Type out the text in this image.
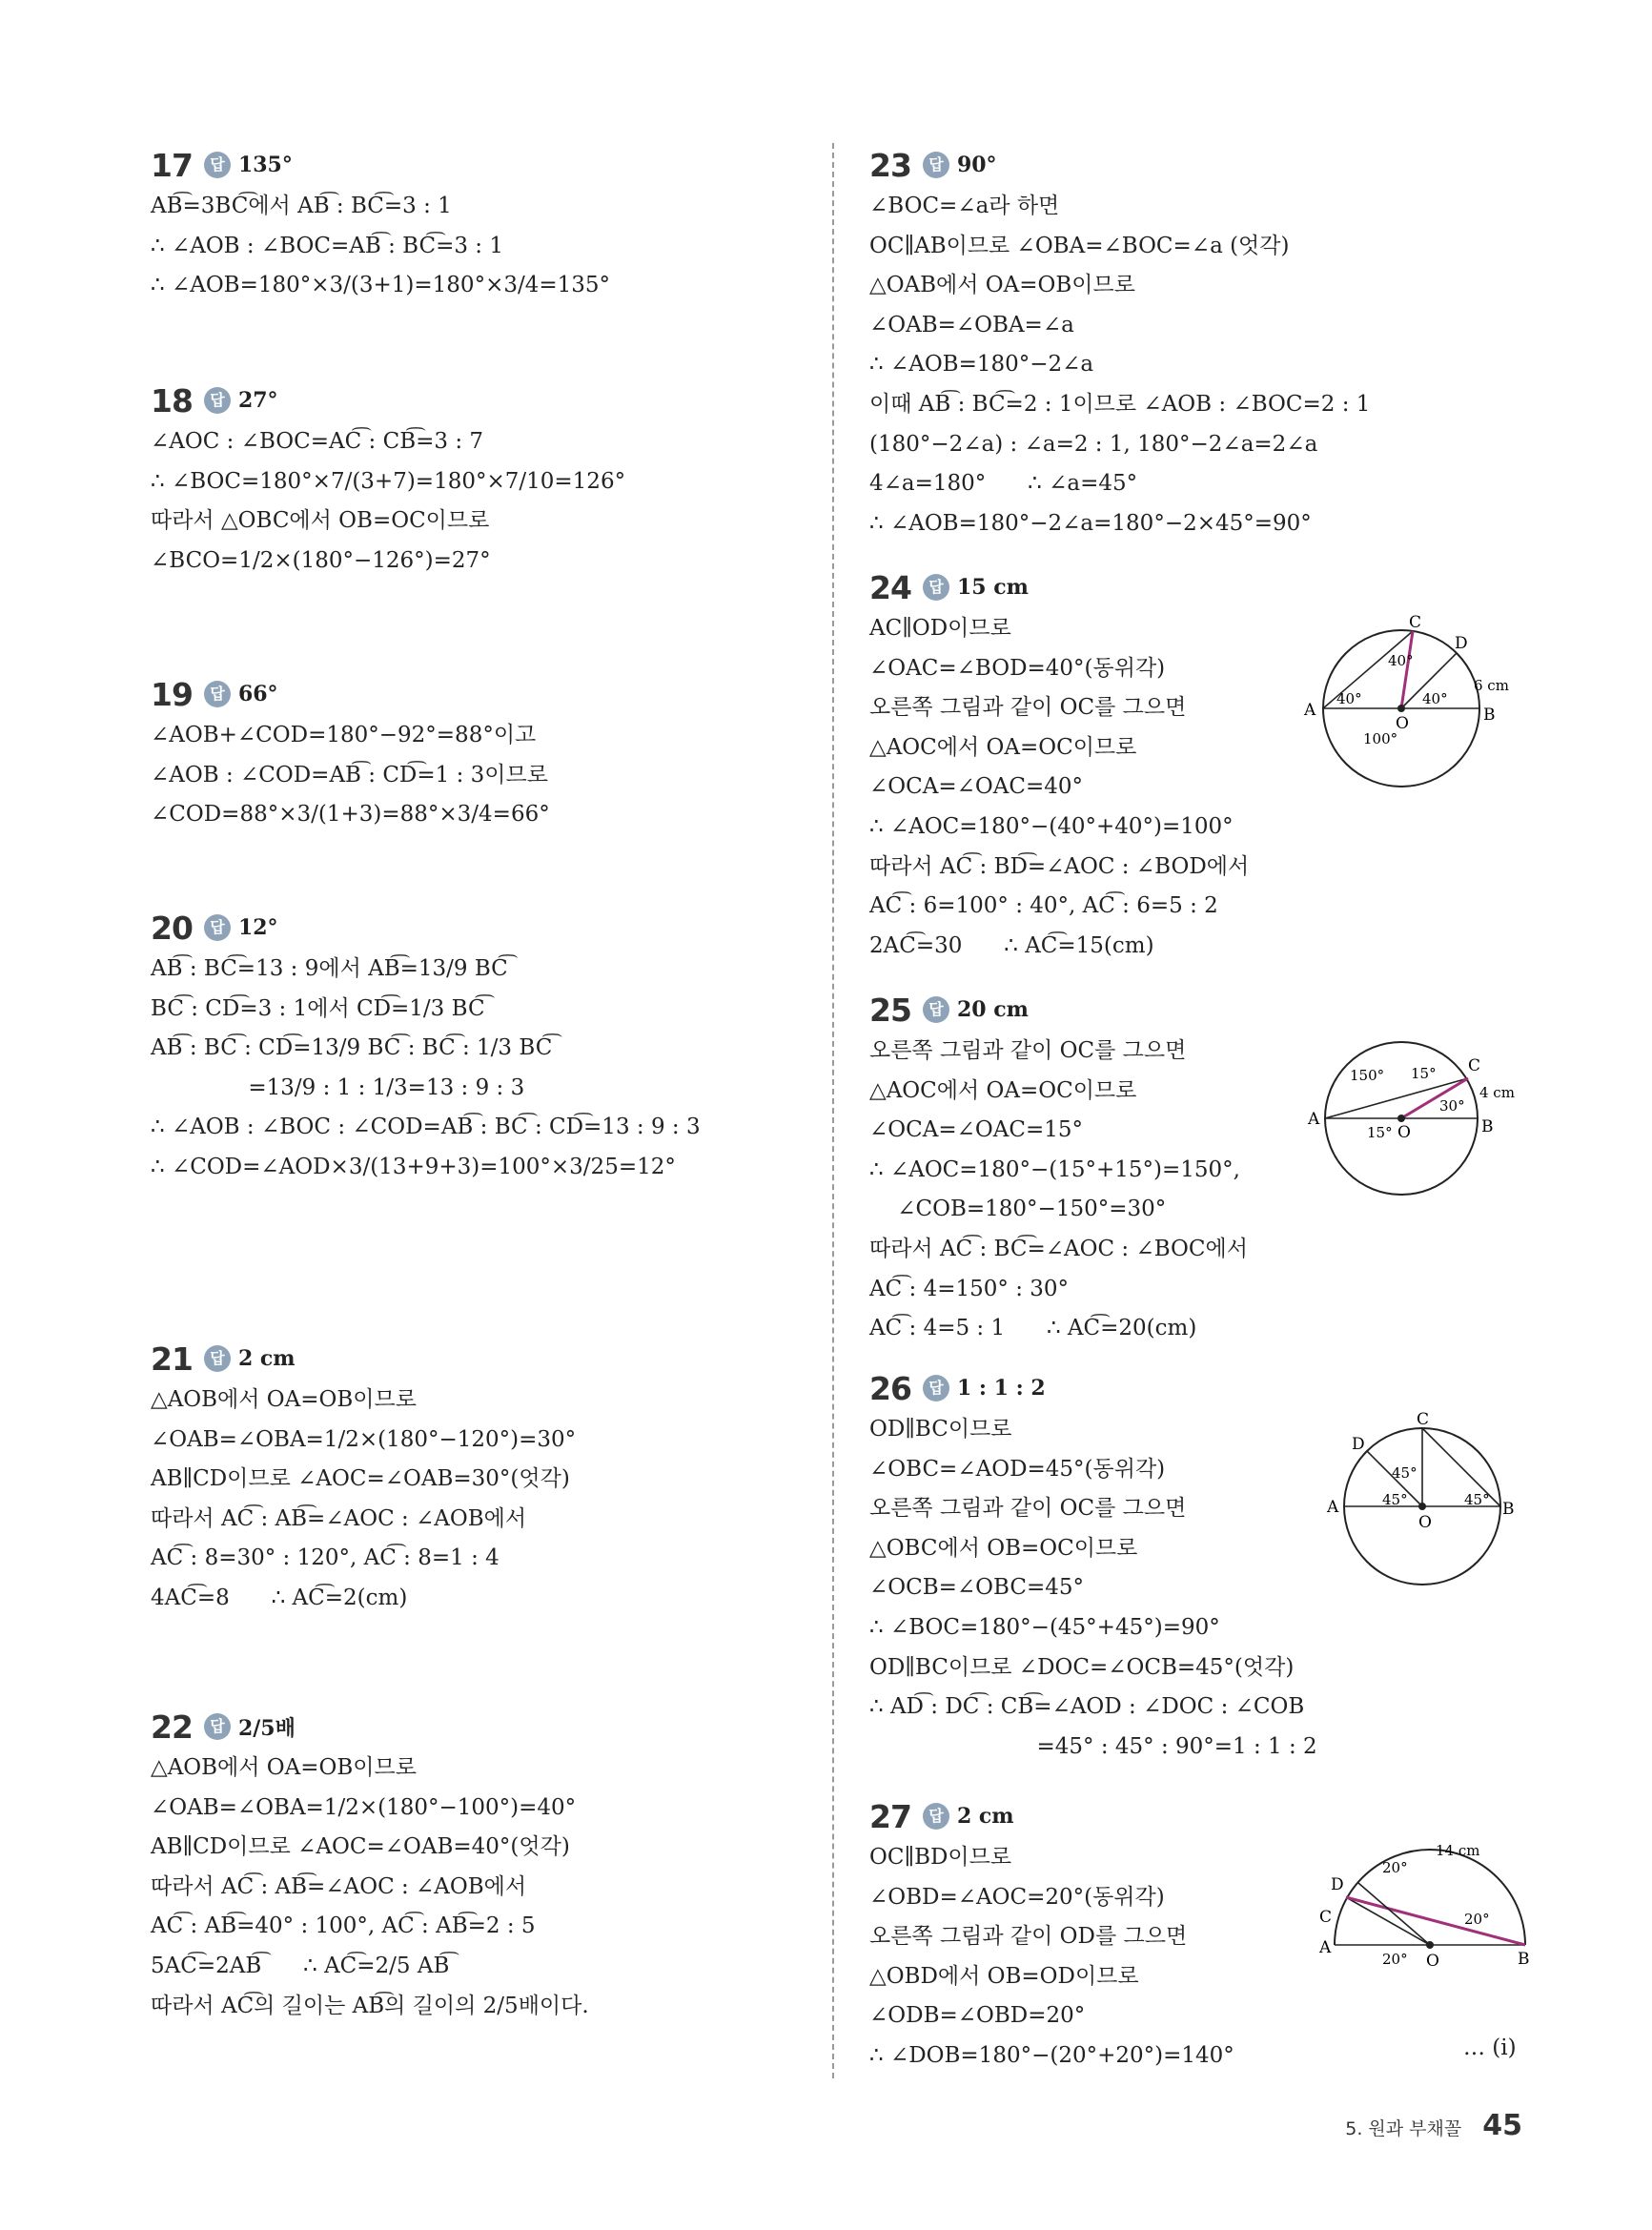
17	답 135°
AB͡=3BC͡에서 AB͡ : BC͡=3 : 1
∴ ∠AOB : ∠BOC=AB͡ : BC͡=3 : 1
∴ ∠AOB=180°×3/(3+1)=180°×3/4=135°
18	답 27°
∠AOC : ∠BOC=AC͡ : CB͡=3 : 7
∴ ∠BOC=180°×7/(3+7)=180°×7/10=126°
따라서 △OBC에서 OB=OC이므로
∠BCO=1/2×(180°−126°)=27°
19	답 66°
∠AOB+∠COD=180°−92°=88°이고
∠AOB : ∠COD=AB͡ : CD͡=1 : 3이므로
∠COD=88°×3/(1+3)=88°×3/4=66°
20	답 12°
AB͡ : BC͡=13 : 9에서 AB͡=13/9 BC͡
BC͡ : CD͡=3 : 1에서 CD͡=1/3 BC͡
AB͡ : BC͡ : CD͡=13/9 BC͡ : BC͡ : 1/3 BC͡
=13/9 : 1 : 1/3=13 : 9 : 3
∴ ∠AOB : ∠BOC : ∠COD=AB͡ : BC͡ : CD͡=13 : 9 : 3
∴ ∠COD=∠AOD×3/(13+9+3)=100°×3/25=12°
21	답 2 cm
△AOB에서 OA=OB이므로
∠OAB=∠OBA=1/2×(180°−120°)=30°
AB∥CD이므로 ∠AOC=∠OAB=30°(엇각)
따라서 AC͡ : AB͡=∠AOC : ∠AOB에서
AC͡ : 8=30° : 120°, AC͡ : 8=1 : 4
4AC͡=8      ∴ AC͡=2(cm)
22	답 2/5배
△AOB에서 OA=OB이므로
∠OAB=∠OBA=1/2×(180°−100°)=40°
AB∥CD이므로 ∠AOC=∠OAB=40°(엇각)
따라서 AC͡ : AB͡=∠AOC : ∠AOB에서
AC͡ : AB͡=40° : 100°, AC͡ : AB͡=2 : 5
5AC͡=2AB͡      ∴ AC͡=2/5 AB͡
따라서 AC͡의 길이는 AB͡의 길이의 2/5배이다.
23	답 90°
∠BOC=∠a라 하면
OC∥AB이므로 ∠OBA=∠BOC=∠a (엇각)
△OAB에서 OA=OB이므로
∠OAB=∠OBA=∠a
∴ ∠AOB=180°−2∠a
이때 AB͡ : BC͡=2 : 1이므로 ∠AOB : ∠BOC=2 : 1
(180°−2∠a) : ∠a=2 : 1, 180°−2∠a=2∠a
4∠a=180°      ∴ ∠a=45°
∴ ∠AOB=180°−2∠a=180°−2×45°=90°
24	답 15 cm
AC∥OD이므로
∠OAC=∠BOD=40°(동위각)
오른쪽 그림과 같이 OC를 그으면
△AOC에서 OA=OC이므로
∠OCA=∠OAC=40°
∴ ∠AOC=180°−(40°+40°)=100°
따라서 AC͡ : BD͡=∠AOC : ∠BOD에서
AC͡ : 6=100° : 40°, AC͡ : 6=5 : 2
2AC͡=30      ∴ AC͡=15(cm)
25	답 20 cm
오른쪽 그림과 같이 OC를 그으면
△AOC에서 OA=OC이므로
∠OCA=∠OAC=15°
∴ ∠AOC=180°−(15°+15°)=150°,
∠COB=180°−150°=30°
따라서 AC͡ : BC͡=∠AOC : ∠BOC에서
AC͡ : 4=150° : 30°
AC͡ : 4=5 : 1      ∴ AC͡=20(cm)
26	답 1 : 1 : 2
OD∥BC이므로
∠OBC=∠AOD=45°(동위각)
오른쪽 그림과 같이 OC를 그으면
△OBC에서 OB=OC이므로
∠OCB=∠OBC=45°
∴ ∠BOC=180°−(45°+45°)=90°
OD∥BC이므로 ∠DOC=∠OCB=45°(엇각)
∴ AD͡ : DC͡ : CB͡=∠AOD : ∠DOC : ∠COB
=45° : 45° : 90°=1 : 1 : 2
27	답 2 cm
OC∥BD이므로
∠OBD=∠AOC=20°(동위각)
오른쪽 그림과 같이 OD를 그으면
△OBD에서 OB=OD이므로
∠ODB=∠OBD=20°
∴ ∠DOB=180°−(20°+20°)=140°
A	B
C
D
O
40°
40°
40°
100°
6 cm
A	B
C
O
150° 15°
30°
15°
4 cm
A	B
C
D
O
45°
45°	45°
A
B
C
D
O
20°
20°
20°
14 cm
… (i)
5. 원과 부채꼴 45
